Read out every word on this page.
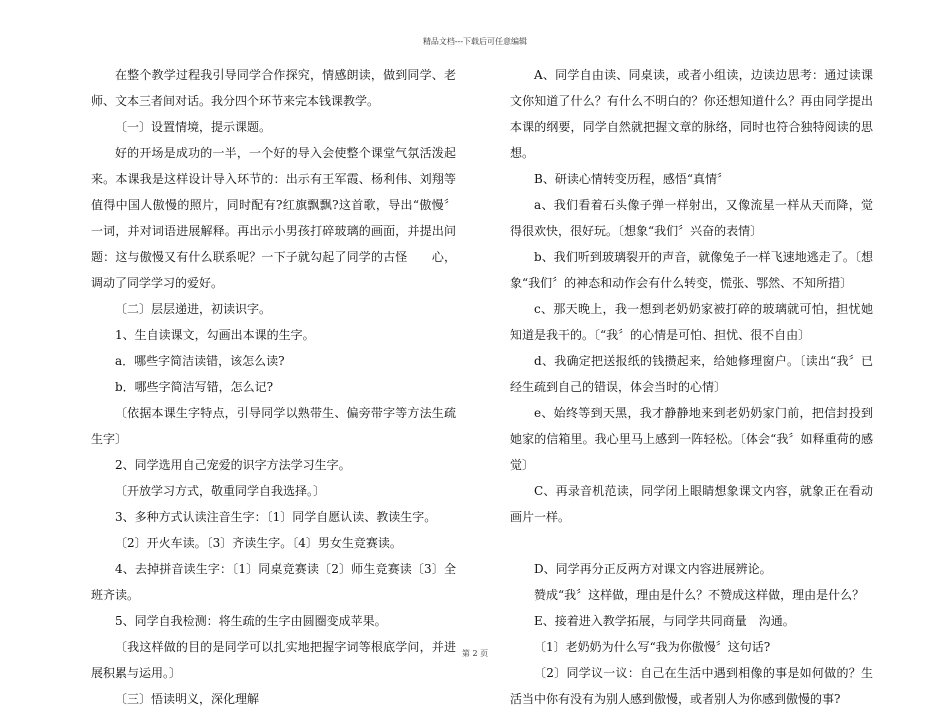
精品文档---下载后可任意编辑

在整个教学过程我引导同学合作探究，情感朗读，做到同学、老师、文本三者间对话。我分四个环节来完本钱课教学。

〔一〕设置情境，提示课题。

好的开场是成功的一半，一个好的导入会使整个课堂气氛活泼起来。本课我是这样设计导入环节的：出示有王军霞、杨利伟、刘翔等值得中国人傲慢的照片，同时配有?红旗飘飘?这首歌，导出“傲慢〞一词，并对词语进展解释。再出示小男孩打碎玻璃的画面，并提出问题：这与傲慢又有什么联系呢？一下子就勾起了同学的古怪　　心，调动了同学学习的爱好。

〔二〕层层递进，初读识字。

1、生自读课文，勾画出本课的生字。

a．哪些字简洁读错，该怎么读?

b．哪些字简洁写错，怎么记?

〔依据本课生字特点，引导同学以熟带生、偏旁带字等方法生疏生字〕

2、同学选用自己宠爱的识字方法学习生字。

〔开放学习方式，敬重同学自我选择。〕

3、多种方式认读注音生字：〔1〕同学自愿认读、教读生字。

〔2〕开火车读。〔3〕齐读生字。〔4〕男女生竞赛读。

4、去掉拼音读生字：〔1〕同桌竞赛读〔2〕师生竞赛读〔3〕全班齐读。

5、同学自我检测：将生疏的生字由圆圈变成苹果。

〔我这样做的目的是同学可以扎实地把握字词等根底学问，并进展积累与运用。〕

〔三〕悟读明义，深化理解

A、同学自由读、同桌读，或者小组读，边读边思考：通过读课文你知道了什么？有什么不明白的？你还想知道什么？再由同学提出本课的纲要，同学自然就把握文章的脉络，同时也符合独特阅读的思想。

B、研读心情转变历程，感悟“真情〞

a、我们看着石头像子弹一样射出，又像流星一样从天而降，觉得很欢快，很好玩。〔想象“我们〞兴奋的表情〕

b、我们听到玻璃裂开的声音，就像兔子一样飞速地逃走了。〔想象“我们〞的神态和动作会有什么转变，慌张、鄂然、不知所措〕

c、那天晚上，我一想到老奶奶家被打碎的玻璃就可怕，担忧她知道是我干的。〔“我〞的心情是可怕、担忧、很不自由〕

d、我确定把送报纸的钱攒起来，给她修理窗户。〔读出“我〞已经生疏到自己的错误，体会当时的心情〕

e、始终等到天黑，我才静静地来到老奶奶家门前，把信封投到她家的信箱里。我心里马上感到一阵轻松。〔体会“我〞如释重荷的感觉〕

C、再录音机范读，同学闭上眼睛想象课文内容，就象正在看动画片一样。

D、同学再分正反两方对课文内容进展辨论。

赞成“我〞这样做，理由是什么？不赞成这样做，理由是什么？

E、接着进入教学拓展，与同学共同商量　沟通。

〔1〕老奶奶为什么写“我为你傲慢〞这句话?

〔2〕同学议一议：自己在生活中遇到相像的事是如何做的？生活当中你有没有为别人感到傲慢，或者别人为你感到傲慢的事?

第 2 页
